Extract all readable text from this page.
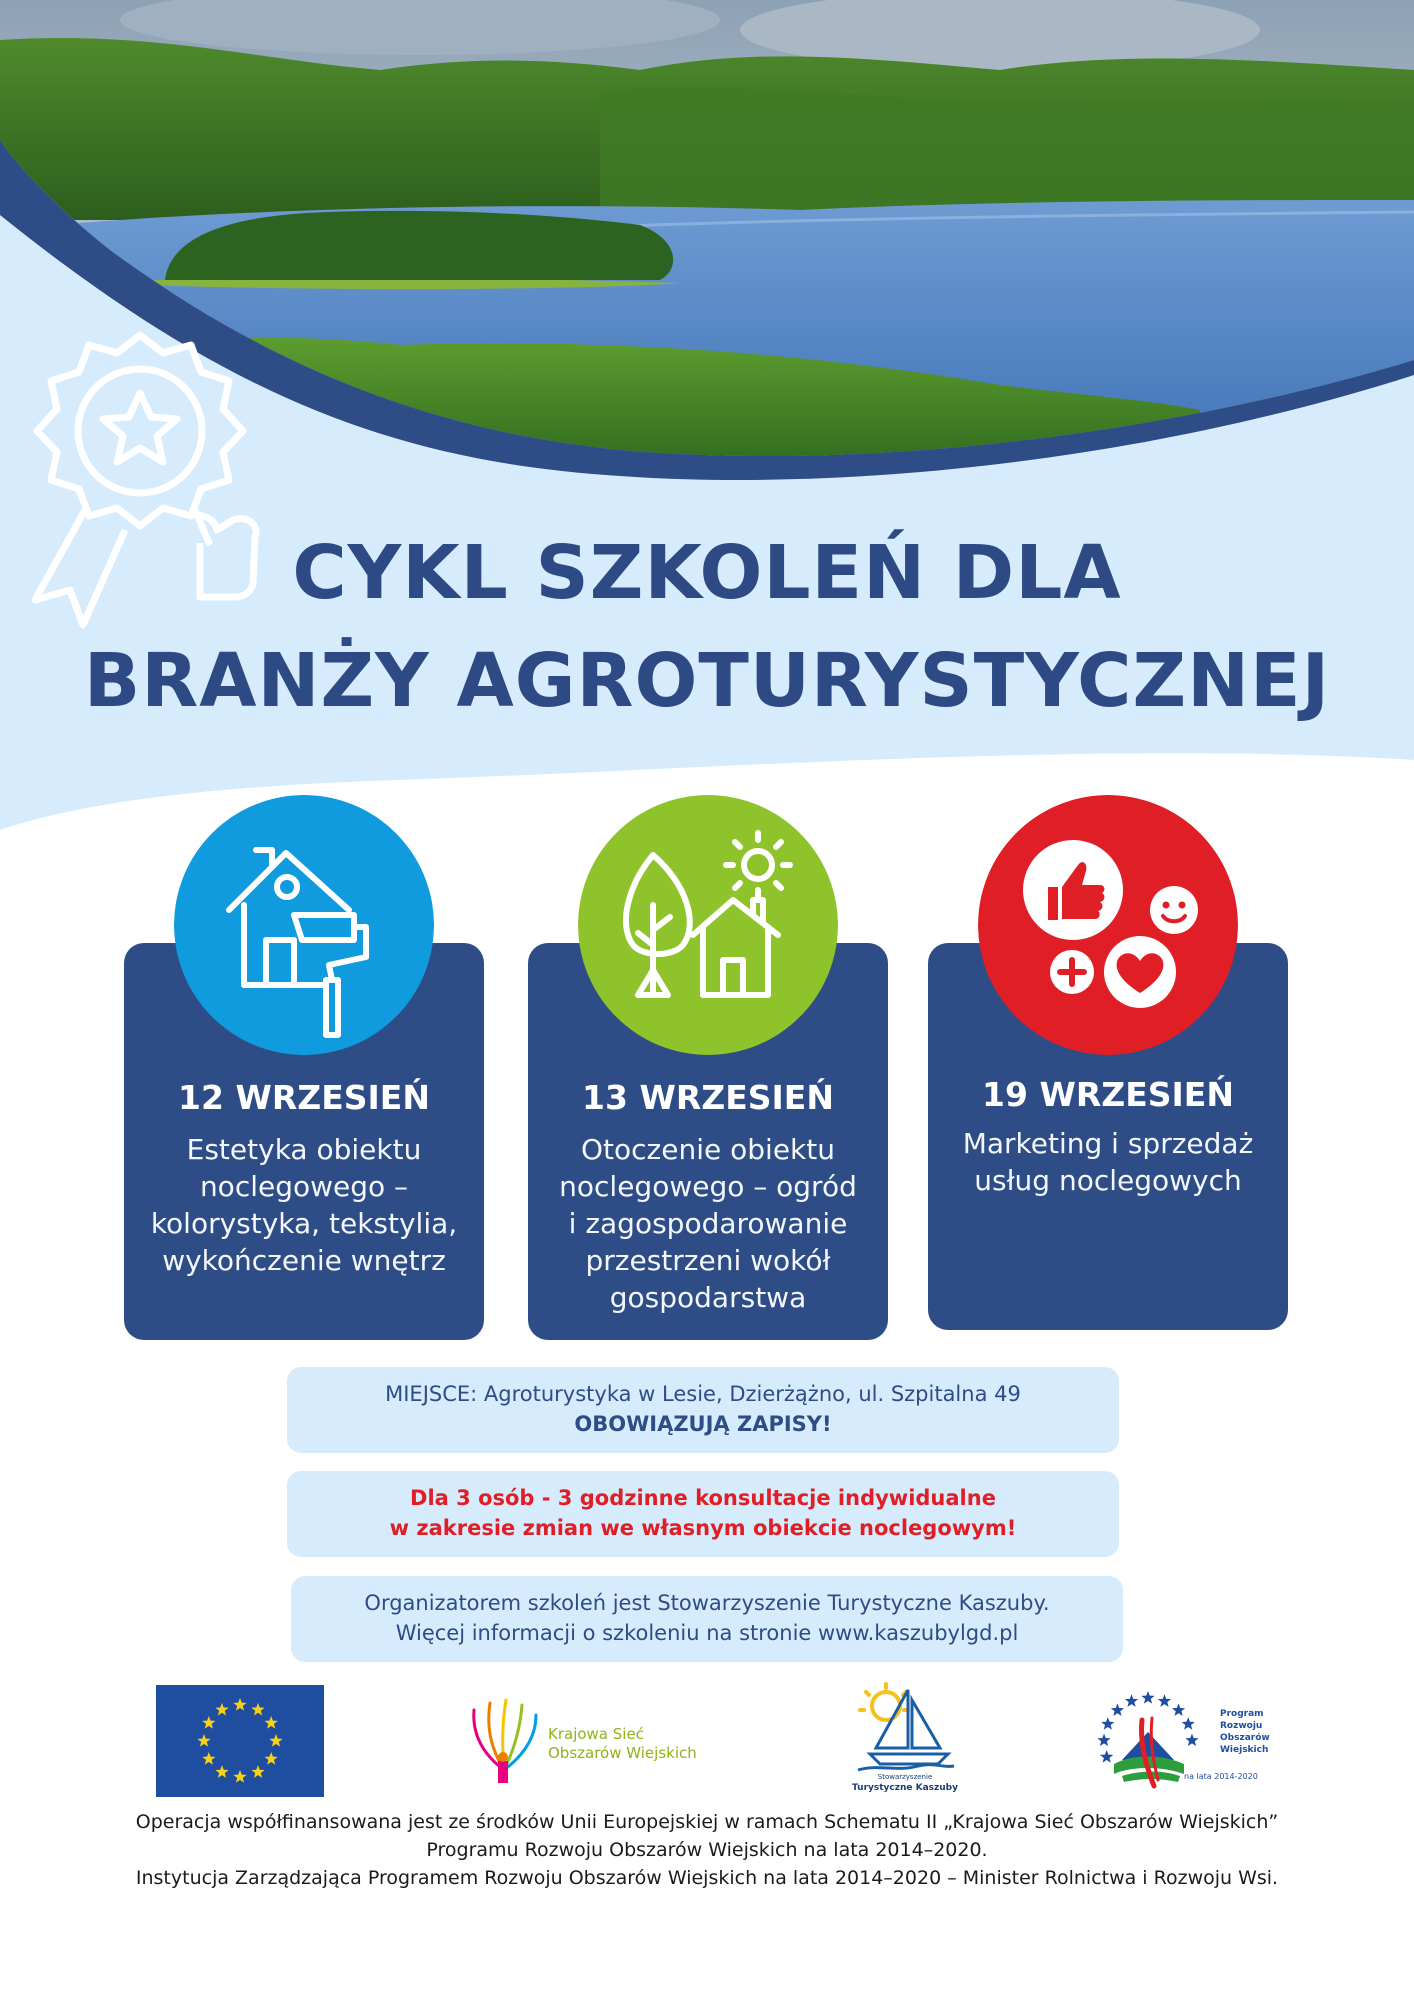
CYKL SZKOLEŃ DLA
BRANŻY AGROTURYSTYCZNEJ
12 WRZESIEŃ
Estetyka obiektu noclegowego – kolorystyka, tekstylia, wykończenie wnętrz
13 WRZESIEŃ
Otoczenie obiektu noclegowego – ogród i zagospodarowanie przestrzeni wokół gospodarstwa
19 WRZESIEŃ
Marketing i sprzedaż usług noclegowych
MIEJSCE: Agroturystyka w Lesie, Dzierżążno, ul. Szpitalna 49
OBOWIĄZUJĄ ZAPISY!
Dla 3 osób - 3 godzinne konsultacje indywidualne
w zakresie zmian we własnym obiekcie noclegowym!
Organizatorem szkoleń jest Stowarzyszenie Turystyczne Kaszuby.
Więcej informacji o szkoleniu na stronie www.kaszubylgd.pl
Krajowa Sieć
Obszarów Wiejskich
Stowarzyszenie
Turystyczne Kaszuby
Program
Rozwoju
Obszarów
Wiejskich
na lata 2014-2020
Operacja współfinansowana jest ze środków Unii Europejskiej w ramach Schematu II „Krajowa Sieć Obszarów Wiejskich”
Programu Rozwoju Obszarów Wiejskich na lata 2014–2020.
Instytucja Zarządzająca Programem Rozwoju Obszarów Wiejskich na lata 2014–2020 – Minister Rolnictwa i Rozwoju Wsi.
